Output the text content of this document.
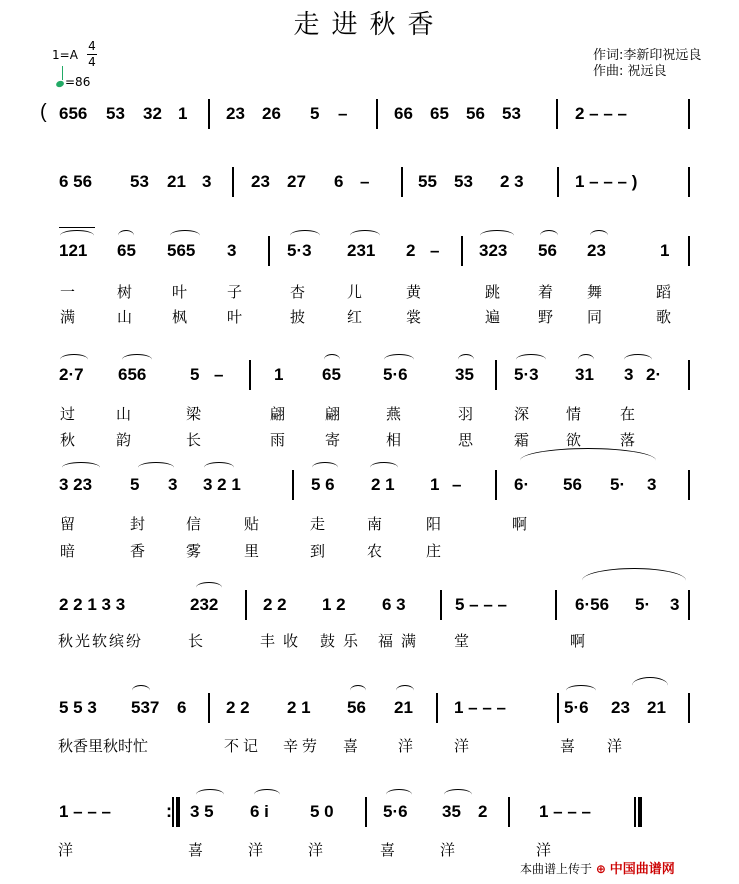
走进秋香
作词:李新印祝远良
作曲: 祝远良
1=A
4
4
=86
( 656 53 32 1 23 26 5 –	66 65 56 53	2 – – –
6 56 53 21 3 23 27 6 –	55 53 2 3	1 – – – )
121 65 565 3	5·3 231 2 – 323 56 23	1
一	树	叶	子	杏	儿	黄	跳	着 舞	蹈
满	山	枫	叶	披	红	裳	遍	野 同	歌
2·7 656	5 –	1 65 5·6	35 5·3 31 3 2·
过	山	梁	翩	翩	燕	羽	深 情	在
秋	韵	长	雨	寄	相	思	霜 欲	落
3 23 5 3 3 2 1	5 6 2 1 1 –	6· 56 5· 3
留	封	信	贴	走	南	阳	啊
暗	香	雾	里	到	农	庄
2 2 1 3 3	232	2 2 1 2 6 3	5 – – –	6·56 5· 3
秋光软缤纷	长	丰收 鼓乐 福满 堂	啊
5 5 3 537 6 2 2 2 1 56 21 1 – – –	5·6 23 21
秋香里秋时忙	不记 辛劳 喜	洋	洋	喜 洋
1 – – –	: 3 5 6 i 5 0	5·6 35 2	1 – – –
洋	喜	洋	洋	喜	洋	洋
本曲谱上传于 ⊕ 中国曲谱网
